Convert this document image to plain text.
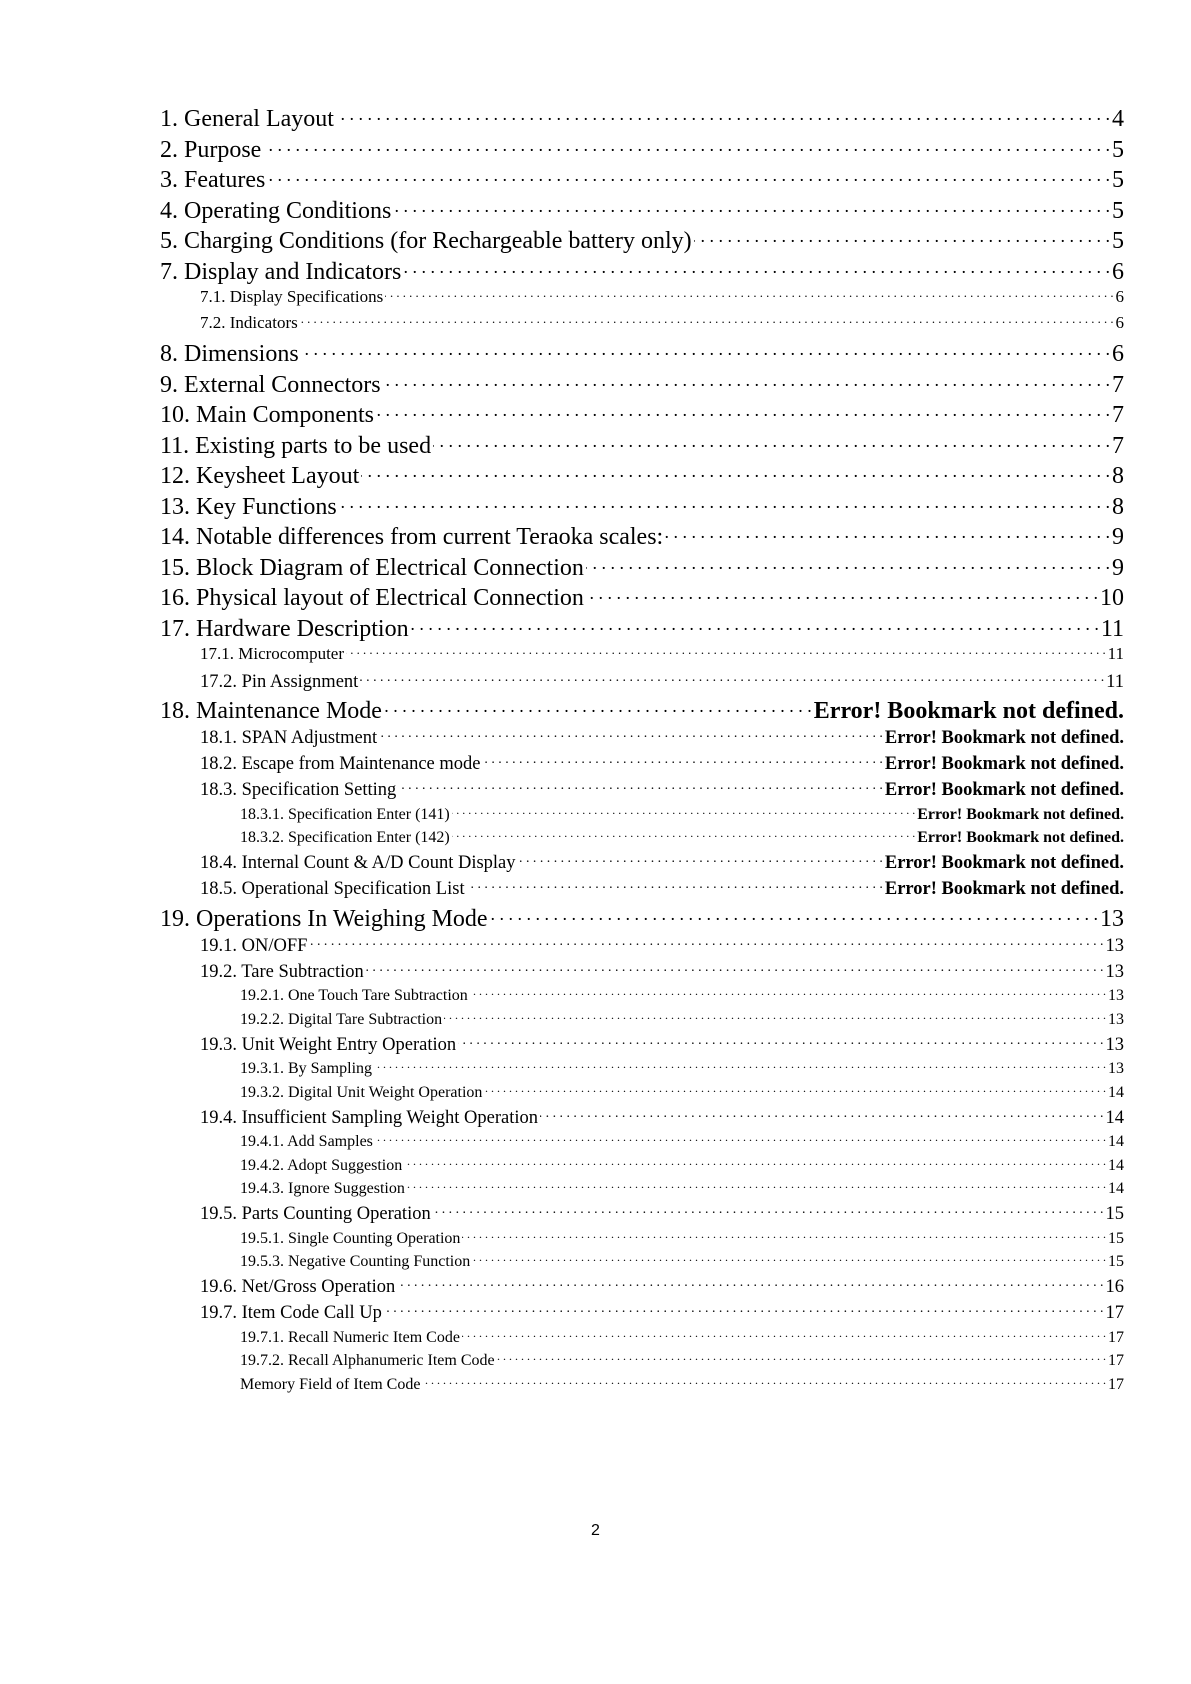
1. General Layout . . .	4
2. Purpose . . .	5
3. Features . . .	5
4. Operating Conditions . . .	5
5. Charging Conditions (for Rechargeable battery only) . . .	5
7. Display and Indicators . . .	6
7.1. Display Specifications . . .	6
7.2. Indicators . . .	6
8. Dimensions . . .	6
9. External Connectors . . .	7
10. Main Components . . .	7
11. Existing parts to be used . . .	7
12. Keysheet Layout . . .	8
13. Key Functions . . .	8
14. Notable differences from current Teraoka scales: . . .	9
15. Block Diagram of Electrical Connection . . .	9
16. Physical layout of Electrical Connection . . .	10
17. Hardware Description . . .	11
17.1. Microcomputer . . .	11
17.2. Pin Assignment . . .	11
18. Maintenance Mode . . .	Error! Bookmark not defined.
18.1. SPAN Adjustment . . .	Error! Bookmark not defined.
18.2. Escape from Maintenance mode . . .	Error! Bookmark not defined.
18.3. Specification Setting . . .	Error! Bookmark not defined.
18.3.1. Specification Enter (141) . . .	Error! Bookmark not defined.
18.3.2. Specification Enter (142) . . .	Error! Bookmark not defined.
18.4. Internal Count & A/D Count Display . . .	Error! Bookmark not defined.
18.5. Operational Specification List . . .	Error! Bookmark not defined.
19. Operations In Weighing Mode . . .	13
19.1. ON/OFF . . .	13
19.2. Tare Subtraction . . .	13
19.2.1. One Touch Tare Subtraction . . .	13
19.2.2. Digital Tare Subtraction . . .	13
19.3. Unit Weight Entry Operation . . .	13
19.3.1. By Sampling . . .	13
19.3.2. Digital Unit Weight Operation . . .	14
19.4. Insufficient Sampling Weight Operation . . .	14
19.4.1. Add Samples . . .	14
19.4.2. Adopt Suggestion . . .	14
19.4.3. Ignore Suggestion . . .	14
19.5. Parts Counting Operation . . .	15
19.5.1. Single Counting Operation . . .	15
19.5.3. Negative Counting Function . . .	15
19.6. Net/Gross Operation . . .	16
19.7. Item Code Call Up . . .	17
19.7.1. Recall Numeric Item Code . . .	17
19.7.2. Recall Alphanumeric Item Code . . .	17
Memory Field of Item Code . . .	17
2
